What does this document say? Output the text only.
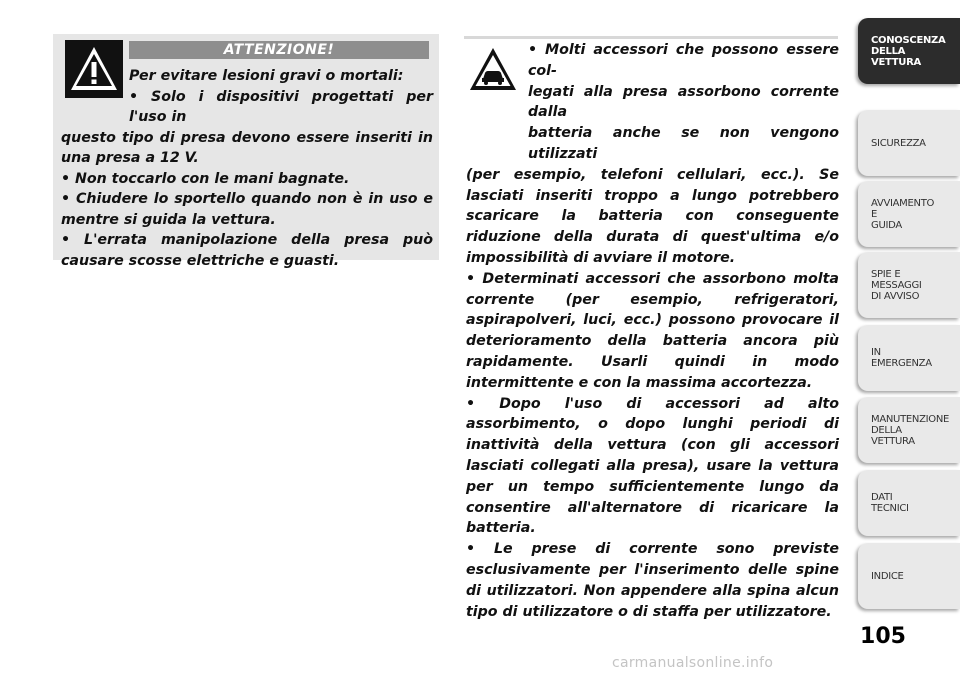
ATTENZIONE!
Per evitare lesioni gravi o mortali:
• Solo i dispositivi progettati per l'uso in

questo tipo di presa devono essere inseriti in una presa a 12 V.

• Non toccarlo con le mani bagnate.

• Chiudere lo sportello quando non è in uso e mentre si guida la vettura.

• L'errata manipolazione della presa può causare scosse elettriche e guasti.

• Molti accessori che possono essere col-
legati alla presa assorbono corrente dalla
batteria anche se non vengono utilizzati

(per esempio, telefoni cellulari, ecc.). Se lasciati inseriti troppo a lungo potrebbero scaricare la batteria con conseguente riduzione della durata di quest'ultima e/o impossibilità di avviare il motore.

• Determinati accessori che assorbono molta corrente (per esempio, refrigeratori, aspirapolveri, luci, ecc.) possono provocare il deterioramento della batteria ancora più rapidamente. Usarli quindi in modo intermittente e con la massima accortezza.

• Dopo l'uso di accessori ad alto assorbimento, o dopo lunghi periodi di inattività della vettura (con gli accessori lasciati collegati alla presa), usare la vettura per un tempo sufficientemente lungo da consentire all'alternatore di ricaricare la batteria.

• Le prese di corrente sono previste esclusivamente per l'inserimento delle spine di utilizzatori. Non appendere alla spina alcun tipo di utilizzatore o di staffa per utilizzatore.

CONOSCENZA
DELLA
VETTURA
SICUREZZA
AVVIAMENTO
E
GUIDA
SPIE E
MESSAGGI
DI AVVISO
IN
EMERGENZA
MANUTENZIONE
DELLA
VETTURA
DATI
TECNICI
INDICE
105
carmanualsonline.info
